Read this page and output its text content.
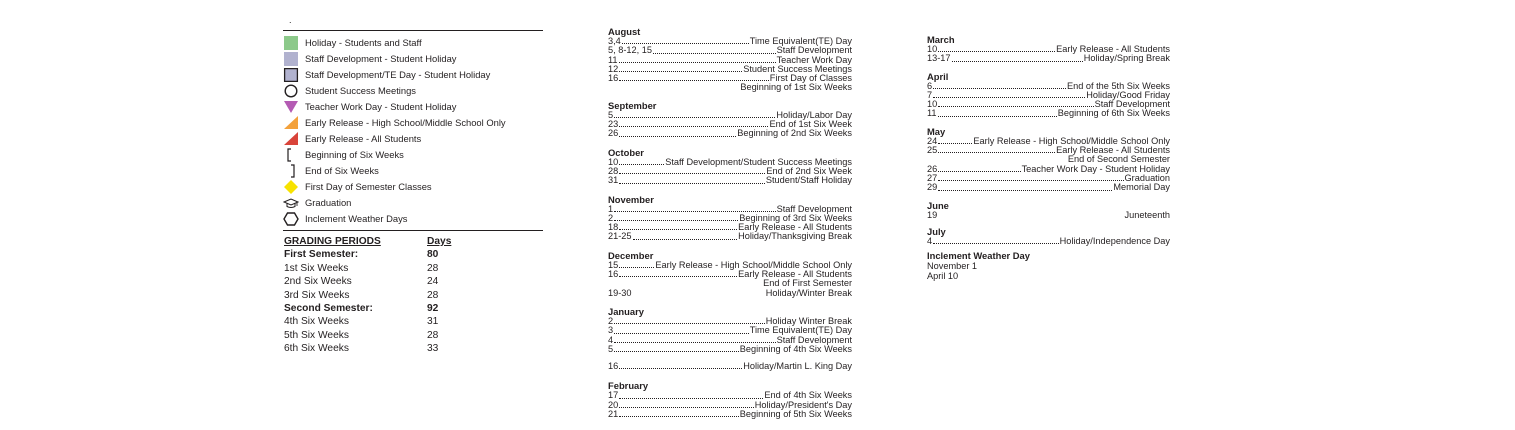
.
Holiday - Students and Staff
Staff Development - Student Holiday
Staff Development/TE Day - Student Holiday
Student Success Meetings
Teacher Work Day - Student Holiday
Early Release - High School/Middle School Only
Early Release - All Students
Beginning of Six Weeks
End of Six Weeks
First Day of Semester Classes
Graduation
Inclement Weather Days
GRADING PERIODS	Days
First Semester:	80
1st Six Weeks	28
2nd Six Weeks	24
3rd Six Weeks	28
Second Semester:	92
4th Six Weeks	31
5th Six Weeks	28
6th Six Weeks	33
August
3,4	Time Equivalent(TE) Day
5, 8-12, 15	Staff Development
11	Teacher Work Day
12	Student Success Meetings
16	First Day of Classes
Beginning of 1st Six Weeks
September
5	Holiday/Labor Day
23	End of 1st Six Week
26	Beginning of 2nd Six Weeks
October
10	Staff Development/Student Success Meetings
28	End of 2nd Six Week
31	Student/Staff Holiday
November
1	Staff Development
2	Beginning of 3rd Six Weeks
18	Early Release - All Students
21-25	Holiday/Thanksgiving Break
December
15	Early Release - High School/Middle School Only
16	Early Release - All Students
End of First Semester
19-30	Holiday/Winter Break
January
2	Holiday Winter Break
3	Time Equivalent(TE) Day
4	Staff Development
5	Beginning of 4th Six Weeks
16	Holiday/Martin L. King Day
February
17	End of 4th Six Weeks
20	Holiday/President's Day
21	Beginning of 5th Six Weeks
March
10	Early Release - All Students
13-17	Holiday/Spring Break
April
6	End of the 5th Six Weeks
7	Holiday/Good Friday
10	Staff Development
11	Beginning of 6th Six Weeks
May
24	Early Release - High School/Middle School Only
25	Early Release - All Students
End of Second Semester
26	Teacher Work Day - Student Holiday
27	Graduation
29	Memorial Day
June
19	Juneteenth
July
4	Holiday/Independence Day
Inclement Weather Day
November 1
April 10
